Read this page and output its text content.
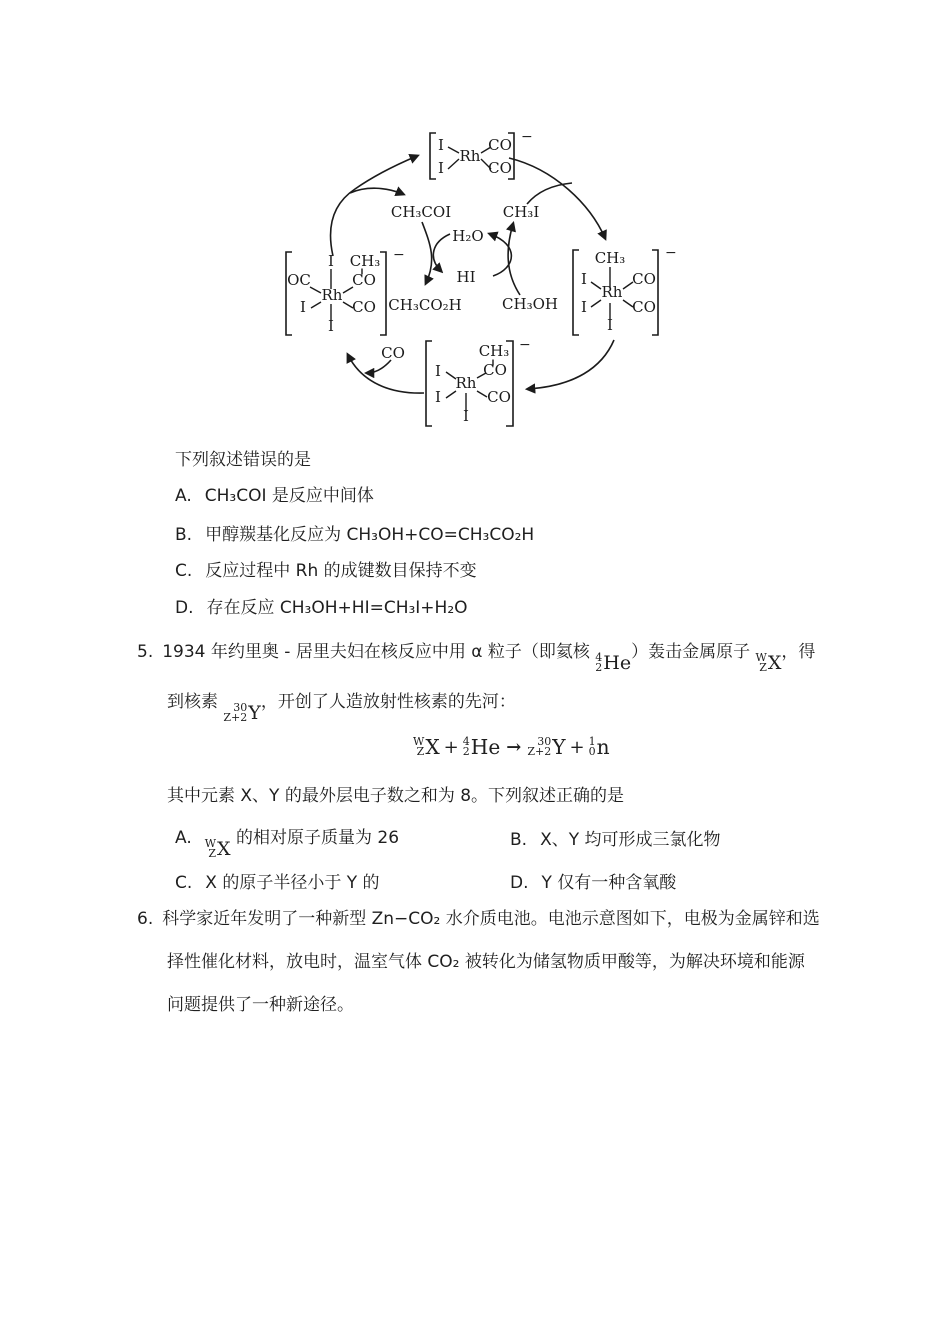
I
I
Rh
CO
CO
−
I CH₃
OC	CO
Rh
I	CO
I
−	CH₃
I	CO
Rh
I	CO
I
−
CH₃
CO
I
Rh
I	CO
I
−
CH₃COI	CH₃I
H₂O
HI
CH₃CO₂H	CH₃OH
CO
下列叙述错误的是
A. CH₃COI 是反应中间体
B. 甲醇羰基化反应为 CH₃OH+CO=CH₃CO₂H
C. 反应过程中 Rh 的成键数目保持不变
D. 存在反应 CH₃OH+HI=CH₃I+H₂O
5. 1934 年约里奥 - 居里夫妇在核反应中用 α 粒子（即氦核 4
2 He ）轰击金属原子 W
Z X ，得
到核素 30
Z+2 Y ，开创了人造放射性核素的先河：
W
Z X + 4
2 He → 30
Z+2 Y + 1
0 n
其中元素 X、Y 的最外层电子数之和为 8。下列叙述正确的是
A. W
Z X 的相对原子质量为 26	B. X、Y 均可形成三氯化物
C. X 的原子半径小于 Y 的	D. Y 仅有一种含氧酸
6. 科学家近年发明了一种新型 Zn−CO₂ 水介质电池。电池示意图如下，电极为金属锌和选
择性催化材料，放电时，温室气体 CO₂ 被转化为储氢物质甲酸等，为解决环境和能源
问题提供了一种新途径。
